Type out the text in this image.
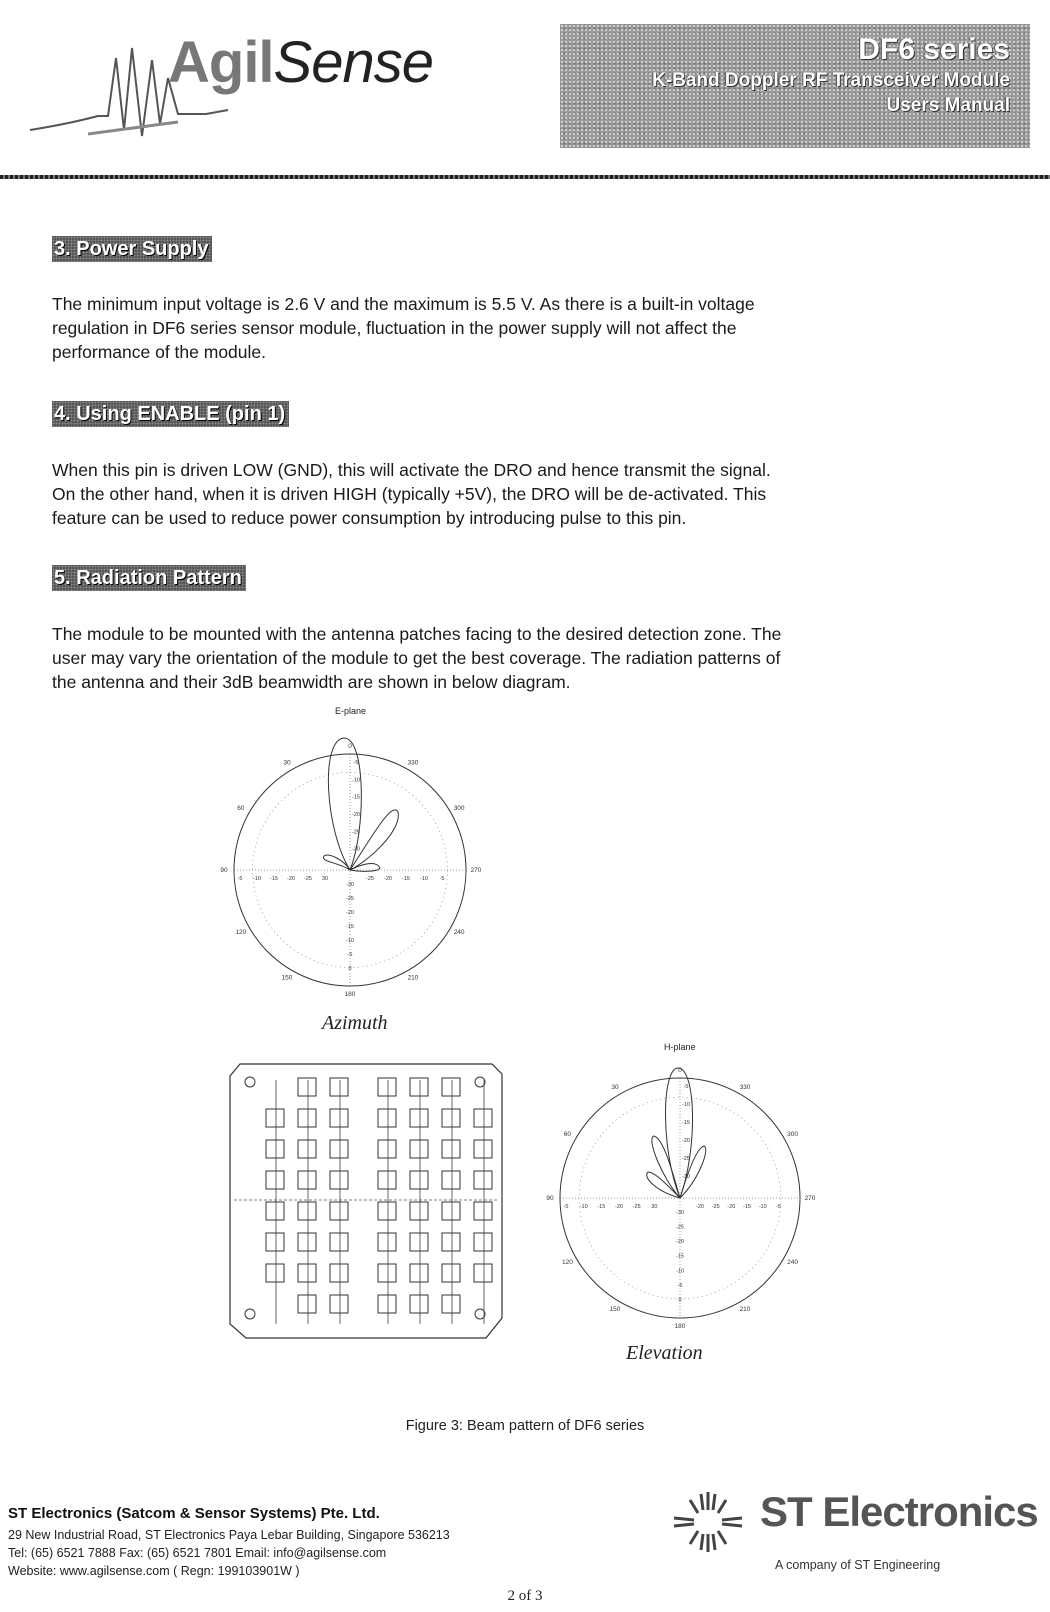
AgilSense	DF6 series
K-Band Doppler RF Transceiver Module
Users Manual
3. Power Supply
The minimum input voltage is 2.6 V and the maximum is 5.5 V. As there is a built-in voltage
regulation in DF6 series sensor module, fluctuation in the power supply will not affect the
performance of the module.
4. Using ENABLE (pin 1)
When this pin is driven LOW (GND), this will activate the DRO and hence transmit the signal.
On the other hand, when it is driven HIGH (typically +5V), the DRO will be de-activated. This
feature can be used to reduce power consumption by introducing pulse to this pin.
5. Radiation Pattern
The module to be mounted with the antenna patches facing to the desired detection zone. The
user may vary the orientation of the module to get the best coverage. The radiation patterns of
the antenna and their 3dB beamwidth are shown in below diagram.
E-plane
0
330
300
270
240
210
180
150
120
90
60
30	-5
-10
-15
-20
-25
-30
-5 -10 -15 -20 -25 30	-25 -20 -15 -10 -5
-30
-25
-20
-15
-10
-5
0
Azimuth
H-plane
0
330
300
270
240
210
180
150
120
90
60
30	-5
-10
-15
-20
-25
-30
-5 -10 -15 -20 -25 30	-20 -25 -20 -15 -10 -5
-30
-25
-20
-15
-10
-5
0
Elevation
Figure 3: Beam pattern of DF6 series
ST Electronics (Satcom & Sensor Systems) Pte. Ltd.
29 New Industrial Road, ST Electronics Paya Lebar Building, Singapore 536213
Tel: (65) 6521 7888 Fax: (65) 6521 7801 Email: info@agilsense.com
Website: www.agilsense.com ( Regn: 199103901W )
ST Electronics
A company of ST Engineering
2 of 3
